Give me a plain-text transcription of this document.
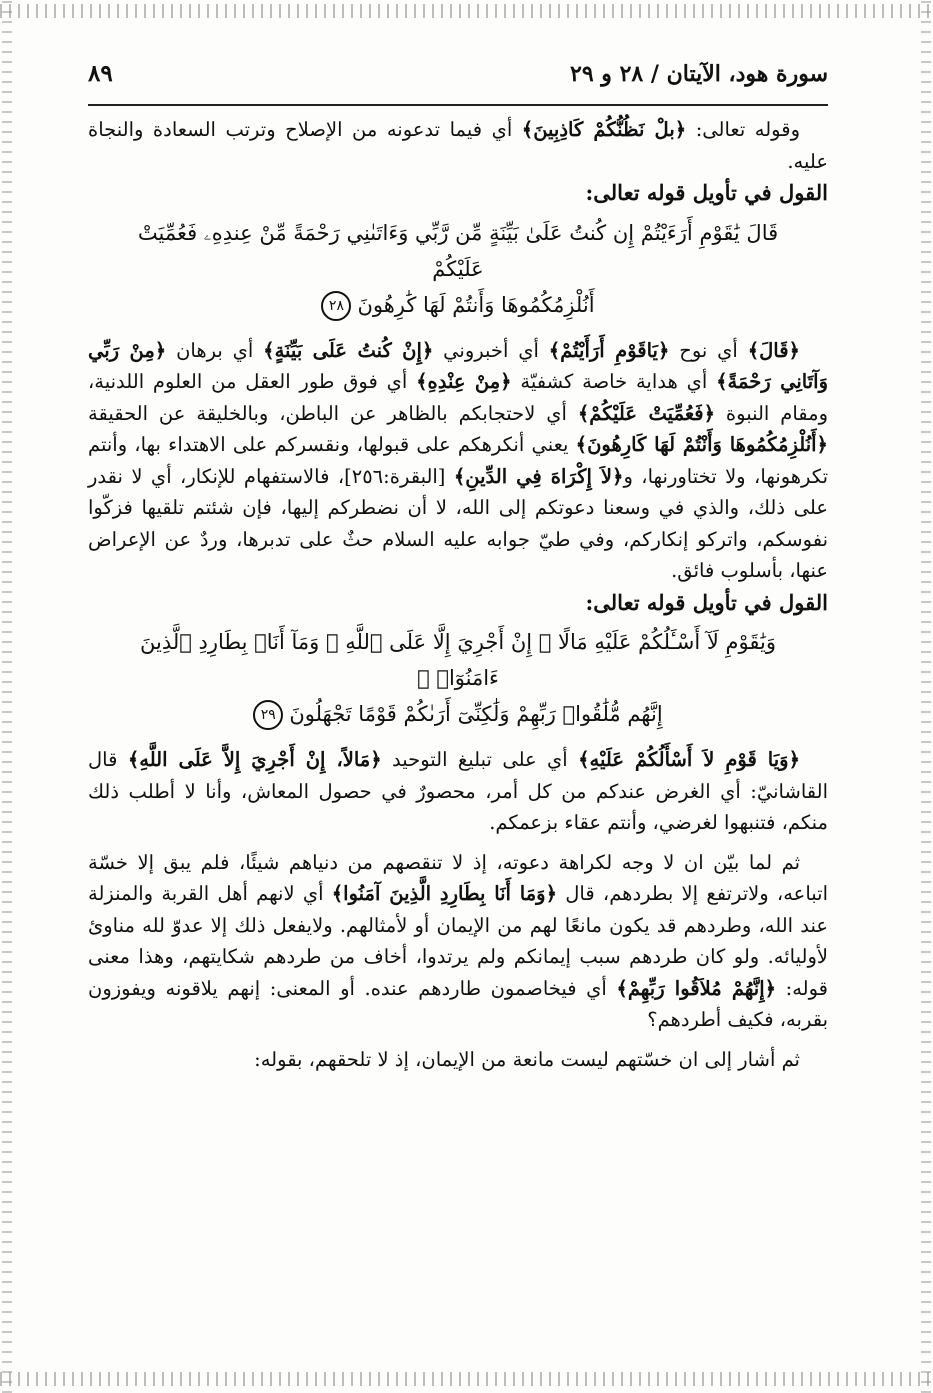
سورة هود، الآيتان / ٢٨ و ٢٩
٨٩

وقوله تعالى: ﴿بلْ نَظُنُّكُمْ كَاذِبِينَ﴾ أي فيما تدعونه من الإصلاح وترتب السعادة والنجاة عليه.

القول في تأويل قوله تعالى:

قَالَ يَٰقَوْمِ أَرَءَيْتُمْ إِن كُنتُ عَلَىٰ بَيِّنَةٍ مِّن رَّبِّي وَءَاتَىٰنِي رَحْمَةً مِّنْ عِندِهِۦ فَعُمِّيَتْ عَلَيْكُمْ
أَنُلْزِمُكُمُوهَا وَأَنتُمْ لَهَا كَٰرِهُونَ٢٨

﴿قَالَ﴾ أي نوح ﴿يَاقَوْمِ أَرَأَيْتُمْ﴾ أي أخبروني ﴿إِنْ كُنتُ عَلَى بَيِّنَةٍ﴾ أي برهان ﴿مِنْ رَبِّي وَآتَانِي رَحْمَةً﴾ أي هداية خاصة كشفيّة ﴿مِنْ عِنْدِهِ﴾ أي فوق طور العقل من العلوم اللدنية، ومقام النبوة ﴿فَعُمِّيَتْ عَلَيْكُمْ﴾ أي لاحتجابكم بالظاهر عن الباطن، وبالخليقة عن الحقيقة ﴿أَنُلْزِمُكُمُوهَا وَأَنْتُمْ لَهَا كَارِهُونَ﴾ يعني أنكرهكم على قبولها، ونقسركم على الاهتداء بها، وأنتم تكرهونها، ولا تختاورنها، و﴿لاَ إِكْرَاهَ فِي الدِّينِ﴾ [البقرة:٢٥٦]، فالاستفهام للإنكار، أي لا نقدر على ذلك، والذي في وسعنا دعوتكم إلى الله، لا أن نضطركم إليها، فإن شئتم تلقيها فزكّوا نفوسكم، واتركو إنكاركم، وفي طيّ جوابه عليه السلام حثٌ على تدبرها، وردٌ عن الإعراض عنها، بأسلوب فائق.

القول في تأويل قوله تعالى:

وَيَٰقَوْمِ لَآ أَسْـَٔلُكُمْ عَلَيْهِ مَالًا ۖ إِنْ أَجْرِيَ إِلَّا عَلَى ٱللَّهِ ۚ وَمَآ أَنَا۠ بِطَارِدِ ٱلَّذِينَ ءَامَنُوٓا۟ ۚ
إِنَّهُم مُّلَٰقُوا۟ رَبِّهِمْ وَلَٰكِنِّىٓ أَرَىٰكُمْ قَوْمًا تَجْهَلُونَ٢٩

﴿وَيَا قَوْمِ لاَ أَسْأَلُكُمْ عَلَيْهِ﴾ أي على تبليغ التوحيد ﴿مَالاً، إِنْ أَجْرِيَ إِلاَّ عَلَى اللَّهِ﴾ قال القاشانيّ: أي الغرض عندكم من كل أمر، محصورٌ في حصول المعاش، وأنا لا أطلب ذلك منكم، فتنبهوا لغرضي، وأنتم عقاء بزعمكم.

ثم لما بيّن ان لا وجه لكراهة دعوته، إذ لا تنقصهم من دنياهم شيئًا، فلم يبق إلا خسّة اتباعه، ولاترتفع إلا بطردهم، قال ﴿وَمَا أَنَا بِطَارِدِ الَّذِينَ آمَنُوا﴾ أي لانهم أهل القربة والمنزلة عند الله، وطردهم قد يكون مانعًا لهم من الإيمان أو لأمثالهم. ولايفعل ذلك إلا عدوّ لله مناوئ لأوليائه. ولو كان طردهم سبب إيمانكم ولم يرتدوا، أخاف من طردهم شكايتهم، وهذا معنى قوله: ﴿إِنَّهُمْ مُلاَقُوا رَبِّهِمْ﴾ أي فيخاصمون طاردهم عنده. أو المعنى: إنهم يلاقونه ويفوزون بقربه، فكيف أطردهم؟

ثم أشار إلى ان خسّتهم ليست مانعة من الإيمان، إذ لا تلحقهم، بقوله:
